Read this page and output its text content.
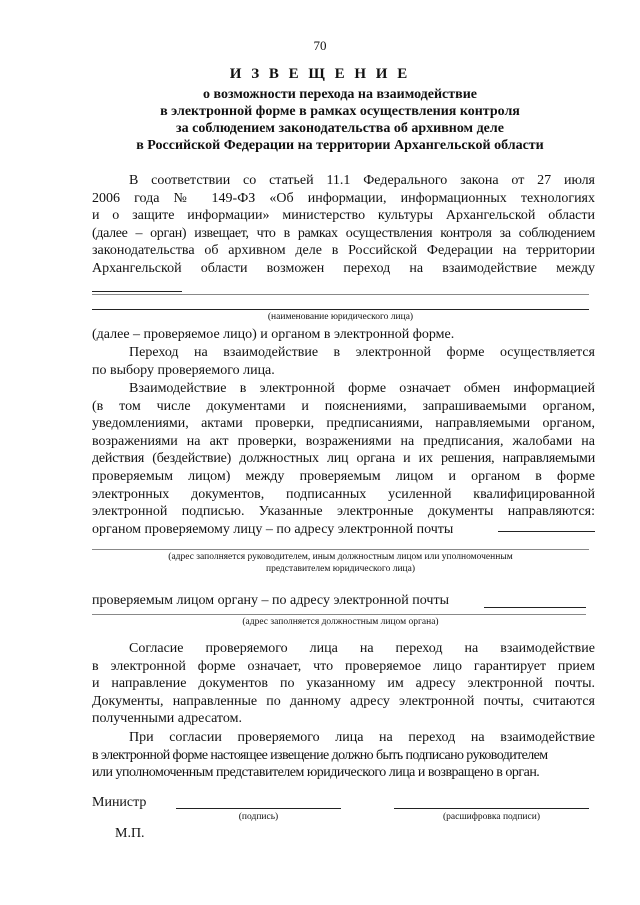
70
И З В Е Щ Е Н И Е
о возможности перехода на взаимодействие
в электронной форме в рамках осуществления контроля
за соблюдением законодательства об архивном деле
в Российской Федерации на территории Архангельской области
В соответствии со статьей 11.1 Федерального закона от 27 июля
2006 года № 149-ФЗ «Об информации, информационных технологиях
и о защите информации» министерство культуры Архангельской области
(далее – орган) извещает, что в рамках осуществления контроля за соблюдением
законодательства об архивном деле в Российской Федерации на территории
Архангельской области возможен переход на взаимодействие между
(наименование юридического лица)
(далее – проверяемое лицо) и органом в электронной форме.
Переход на взаимодействие в электронной форме осуществляется
по выбору проверяемого лица.
Взаимодействие в электронной форме означает обмен информацией
(в том числе документами и пояснениями, запрашиваемыми органом,
уведомлениями, актами проверки, предписаниями, направляемыми органом,
возражениями на акт проверки, возражениями на предписания, жалобами на
действия (бездействие) должностных лиц органа и их решения, направляемыми
проверяемым лицом) между проверяемым лицом и органом в форме
электронных документов, подписанных усиленной квалифицированной
электронной подписью. Указанные электронные документы направляются:
органом проверяемому лицу – по адресу электронной почты
(адрес заполняется руководителем, иным должностным лицом или уполномоченным
представителем юридического лица)
проверяемым лицом органу – по адресу электронной почты
(адрес заполняется должностным лицом органа)
Согласие проверяемого лица на переход на взаимодействие
в электронной форме означает, что проверяемое лицо гарантирует прием
и направление документов по указанному им адресу электронной почты.
Документы, направленные по данному адресу электронной почты, считаются
полученными адресатом.
При согласии проверяемого лица на переход на взаимодействие
в электронной форме настоящее извещение должно быть подписано руководителем
или уполномоченным представителем юридического лица и возвращено в орган.
Министр
(подпись)	(расшифровка подписи)
М.П.
